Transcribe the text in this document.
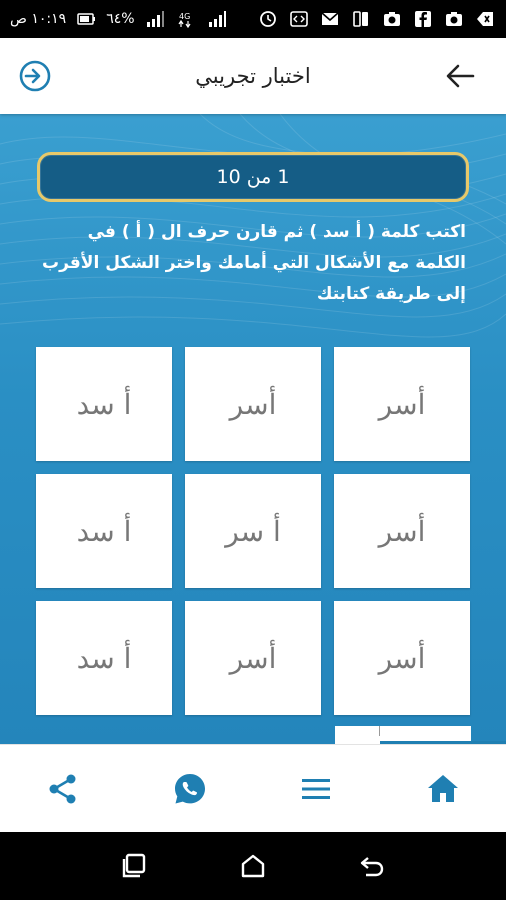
١٠:١٩ ص	%٦٤	4G
اختبار تجريبي
1 من 10
اكتب كلمة ( أ سد ) ثم قارن حرف ال ( أ ) في الكلمة مع الأشكال التي أمامك واختر الشكل الأقرب إلى طريقة كتابتك
أسر
أسر
أ سد
أسر
أ سر
أ سد
أسر
أسر
أ سد
